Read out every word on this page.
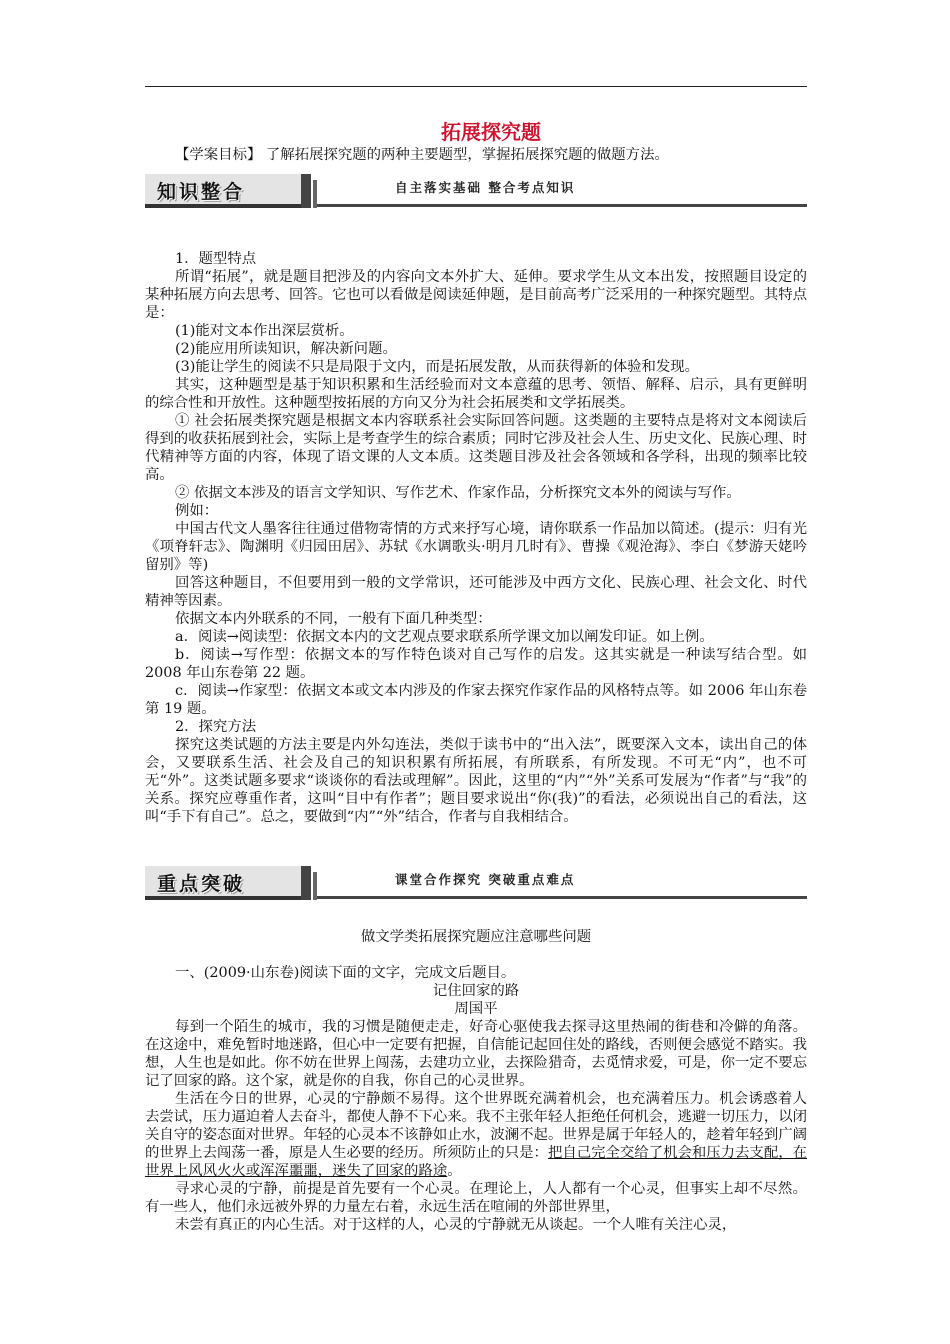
拓展探究题

【学案目标】 了解拓展探究题的两种主要题型，掌握拓展探究题的做题方法。

知识整合	自主落实基础 整合考点知识

1．题型特点

所谓“拓展”，就是题目把涉及的内容向文本外扩大、延伸。要求学生从文本出发，按照题目设定的某种拓展方向去思考、回答。它也可以看做是阅读延伸题，是目前高考广泛采用的一种探究题型。其特点是：

(1)能对文本作出深层赏析。

(2)能应用所读知识，解决新问题。

(3)能让学生的阅读不只是局限于文内，而是拓展发散，从而获得新的体验和发现。

其实，这种题型是基于知识积累和生活经验而对文本意蕴的思考、领悟、解释、启示，具有更鲜明的综合性和开放性。这种题型按拓展的方向又分为社会拓展类和文学拓展类。

① 社会拓展类探究题是根据文本内容联系社会实际回答问题。这类题的主要特点是将对文本阅读后得到的收获拓展到社会，实际上是考查学生的综合素质；同时它涉及社会人生、历史文化、民族心理、时代精神等方面的内容，体现了语文课的人文本质。这类题目涉及社会各领域和各学科，出现的频率比较高。

② 依据文本涉及的语言文学知识、写作艺术、作家作品，分析探究文本外的阅读与写作。

例如：

中国古代文人墨客往往通过借物寄情的方式来抒写心境，请你联系一作品加以简述。(提示：归有光《项脊轩志》、陶渊明《归园田居》、苏轼《水调歌头·明月几时有》、曹操《观沧海》、李白《梦游天姥吟留别》等)

回答这种题目，不但要用到一般的文学常识，还可能涉及中西方文化、民族心理、社会文化、时代精神等因素。

依据文本内外联系的不同，一般有下面几种类型：

a．阅读→阅读型：依据文本内的文艺观点要求联系所学课文加以阐发印证。如上例。

b．阅读→写作型：依据文本的写作特色谈对自己写作的启发。这其实就是一种读写结合型。如 2008 年山东卷第 22 题。

c．阅读→作家型：依据文本或文本内涉及的作家去探究作家作品的风格特点等。如 2006 年山东卷第 19 题。

2．探究方法

探究这类试题的方法主要是内外勾连法，类似于读书中的“出入法”，既要深入文本，读出自己的体会，又要联系生活、社会及自己的知识积累有所拓展，有所联系，有所发现。不可无“内”，也不可无“外”。这类试题多要求“谈谈你的看法或理解”。因此，这里的“内”“外”关系可发展为“作者”与“我”的关系。探究应尊重作者，这叫“目中有作者”；题目要求说出“你(我)”的看法，必须说出自己的看法，这叫“手下有自己”。总之，要做到“内”“外”结合，作者与自我相结合。

重点突破	课堂合作探究 突破重点难点

做文学类拓展探究题应注意哪些问题

一、(2009·山东卷)阅读下面的文字，完成文后题目。

记住回家的路

周国平

每到一个陌生的城市，我的习惯是随便走走，好奇心驱使我去探寻这里热闹的街巷和冷僻的角落。在这途中，难免暂时地迷路，但心中一定要有把握，自信能记起回住处的路线，否则便会感觉不踏实。我想，人生也是如此。你不妨在世界上闯荡，去建功立业，去探险猎奇，去觅情求爱，可是，你一定不要忘记了回家的路。这个家，就是你的自我，你自己的心灵世界。

生活在今日的世界，心灵的宁静颇不易得。这个世界既充满着机会，也充满着压力。机会诱惑着人去尝试，压力逼迫着人去奋斗，都使人静不下心来。我不主张年轻人拒绝任何机会，逃避一切压力，以闭关自守的姿态面对世界。年轻的心灵本不该静如止水，波澜不起。世界是属于年轻人的，趁着年轻到广阔的世界上去闯荡一番，原是人生必要的经历。所须防止的只是：把自己完全交给了机会和压力去支配，在世界上风风火火或浑浑噩噩，迷失了回家的路途。

寻求心灵的宁静，前提是首先要有一个心灵。在理论上，人人都有一个心灵，但事实上却不尽然。有一些人，他们永远被外界的力量左右着，永远生活在喧闹的外部世界里，

未尝有真正的内心生活。对于这样的人，心灵的宁静就无从谈起。一个人唯有关注心灵，
